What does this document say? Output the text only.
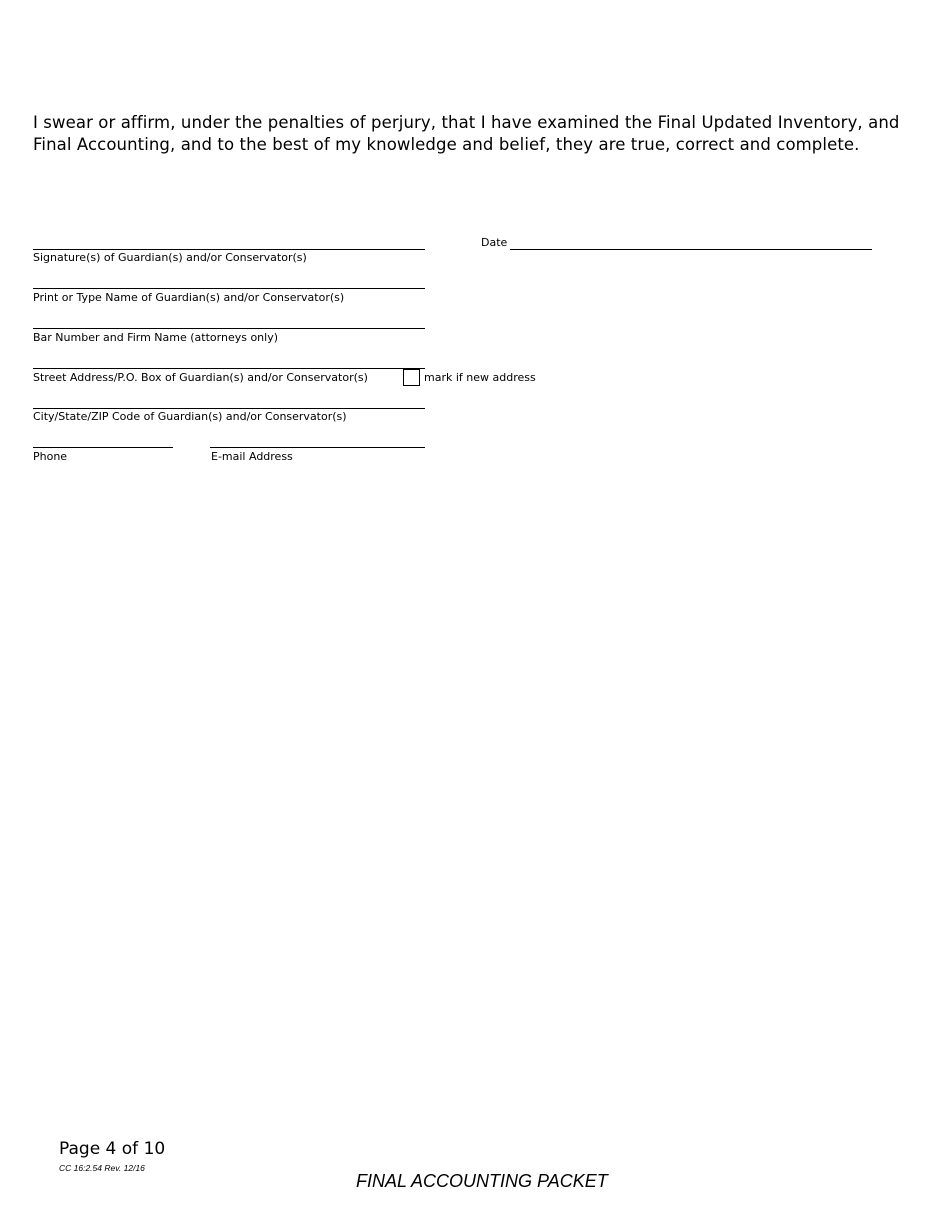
I swear or affirm, under the penalties of perjury, that I have examined the Final Updated Inventory, and Final Accounting, and to the best of my knowledge and belief, they are true, correct and complete.
Signature(s) of Guardian(s) and/or Conservator(s)
Date
Print or Type Name of Guardian(s) and/or Conservator(s)
Bar Number and Firm Name (attorneys only)
Street Address/P.O. Box of Guardian(s) and/or Conservator(s)	mark if new address
City/State/ZIP Code of Guardian(s) and/or Conservator(s)
Phone	E-mail Address
Page 4 of 10
CC 16:2.54 Rev. 12/16
FINAL ACCOUNTING PACKET
